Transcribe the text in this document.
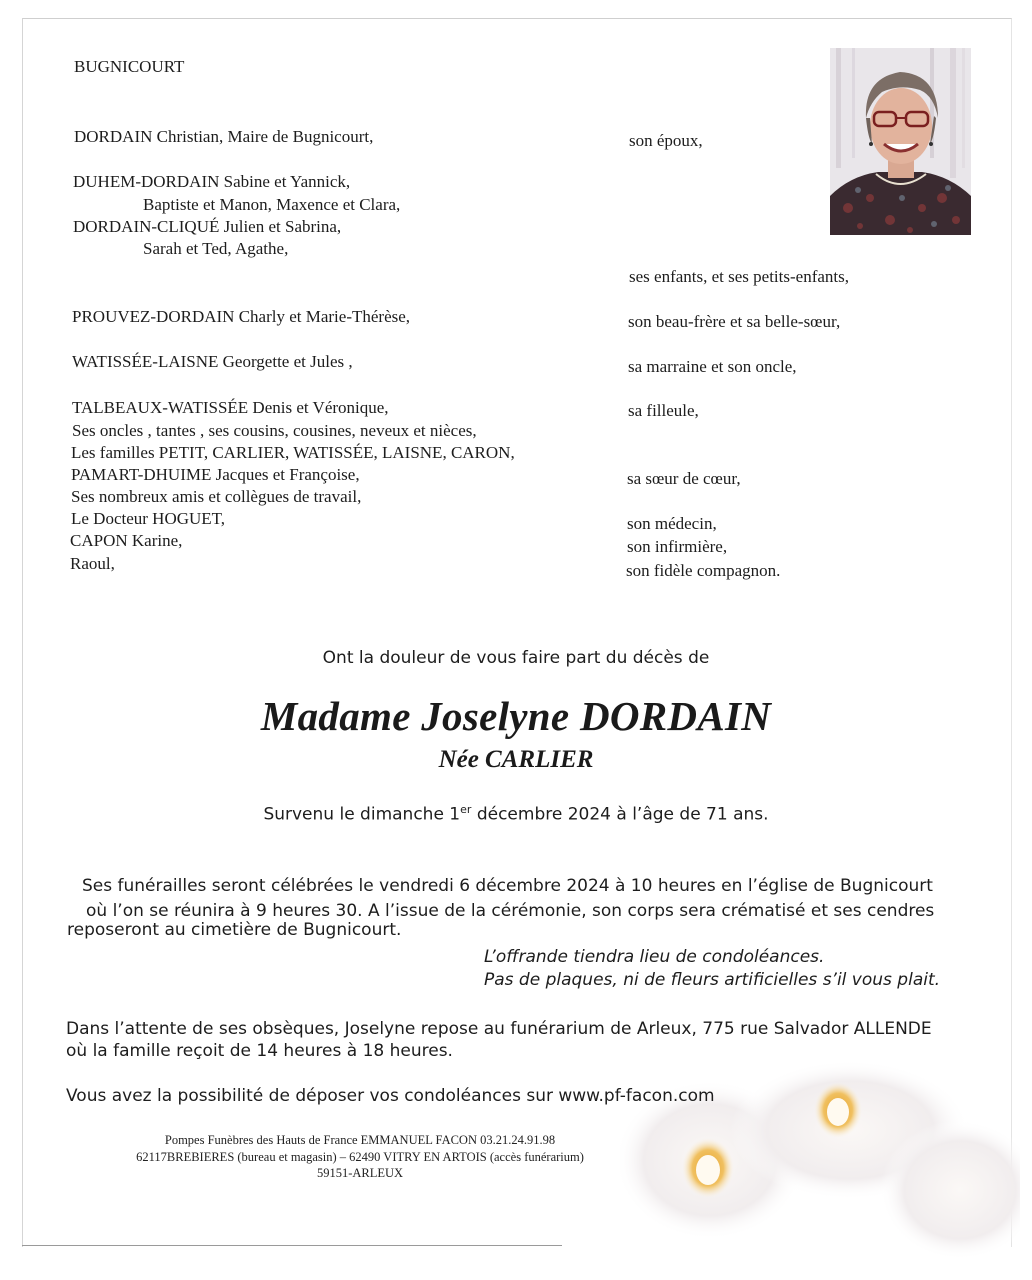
BUGNICOURT
DORDAIN Christian, Maire de Bugnicourt,
DUHEM-DORDAIN Sabine et Yannick,
Baptiste et Manon, Maxence et Clara,
DORDAIN-CLIQUÉ Julien et Sabrina,
Sarah et Ted, Agathe,
PROUVEZ-DORDAIN Charly et Marie-Thérèse,
WATISSÉE-LAISNE Georgette et Jules ,
TALBEAUX-WATISSÉE Denis et Véronique,
Ses oncles , tantes , ses cousins, cousines, neveux et nièces,
Les familles PETIT, CARLIER, WATISSÉE, LAISNE, CARON,
PAMART-DHUIME Jacques et Françoise,
Ses nombreux amis et collègues de travail,
Le Docteur HOGUET,
CAPON Karine,
Raoul,
son époux,
ses enfants, et ses petits-enfants,
son beau-frère et sa belle-sœur,
sa marraine et son oncle,
sa filleule,
sa sœur de cœur,
son médecin,
son infirmière,
son fidèle compagnon.
Ont la douleur de vous faire part du décès de
Madame Joselyne DORDAIN
Née CARLIER
Survenu le dimanche 1er décembre 2024 à l’âge de 71 ans.
Ses funérailles seront célébrées le vendredi 6 décembre 2024 à 10 heures en l’église de Bugnicourt
où l’on se réunira à 9 heures 30. A l’issue de la cérémonie, son corps sera crématisé et ses cendres
reposeront au cimetière de Bugnicourt.
L’offrande tiendra lieu de condoléances.
Pas de plaques, ni de fleurs artificielles s’il vous plait.
Dans l’attente de ses obsèques, Joselyne repose au funérarium de Arleux, 775 rue Salvador ALLENDE
où la famille reçoit de 14 heures à 18 heures.
Vous avez la possibilité de déposer vos condoléances sur www.pf-facon.com
Pompes Funèbres des Hauts de France EMMANUEL FACON 03.21.24.91.98
62117BREBIERES (bureau et magasin) – 62490 VITRY EN ARTOIS (accès funérarium)
59151-ARLEUX
